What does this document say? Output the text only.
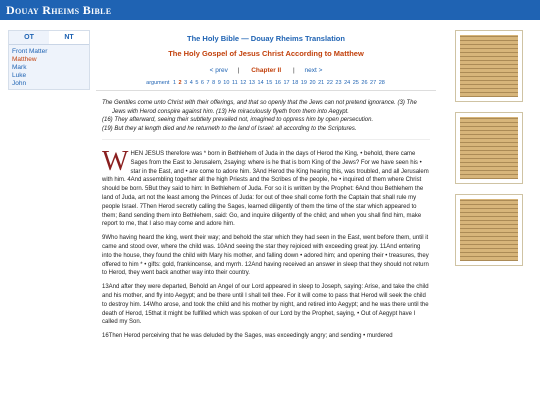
Douay Rheims Bible
OT	NT
Front Matter
Matthew
Mark
Luke
John
The Holy Bible — Douay Rheims Translation
The Holy Gospel of Jesus Christ According to Matthew
< prev | Chapter II | next >
argument 1 2 3 4 5 6 7 8 9 10 11 12 13 14 15 16 17 18 19 20 21 22 23 24 25 26 27 28
The Gentiles come unto Christ with their offerings, and that so openly that the Jews can not pretend ignorance. (3) The Jews with Herod conspire against him. (13) He miraculously flyeth from them into Aegypt.
(16) They afterward, seeing their subtlety prevailed not, imagined to oppress him by open persecution.
(19) But they at length died and he returneth to the land of Israel: all according to the Scriptures.

W HEN JESUS therefore was * born in Bethlehem of Juda in the days of Herod the King, • behold, there came Sages from the East to Jerusalem, 2saying: where is he that is born King of the Jews? For we have seen his • star in the East, and • are come to adore him. 3And Herod the King hearing this, was troubled, and all Jerusalem with him. 4And assembling together all the high Priests and the Scribes of the people, he • inquired of them where Christ should be born. 5But they said to him: In Bethlehem of Juda. For so it is written by the Prophet: 6And thou Bethlehem the land of Juda, art not the least among the Princes of Juda: for out of thee shall come forth the Captain that shall rule my people Israel. 7Then Herod secretly calling the Sages, learned diligently of them the time of the star which appeared to them; 8and sending them into Bethlehem, said: Go, and inquire diligently of the child; and when you shall find him, make report to me, that I also may come and adore him.

9Who having heard the king, went their way; and behold the star which they had seen in the East, went before them, until it came and stood over, where the child was. 10And seeing the star they rejoiced with exceeding great joy. 11And entering into the house, they found the child with Mary his mother, and falling down • adored him; and opening their • treasures, they offered to him * • gifts: gold, frankincense, and myrrh. 12And having received an answer in sleep that they should not return to Herod, they went back another way into their country.

13And after they were departed, Behold an Angel of our Lord appeared in sleep to Joseph, saying: Arise, and take the child and his mother, and fly into Aegypt; and be there until I shall tell thee. For it will come to pass that Herod will seek the child to destroy him. 14Who arose, and took the child and his mother by night, and retired into Aegypt; and he was there until the death of Herod, 15that it might be fulfilled which was spoken of our Lord by the Prophet, saying, • Out of Aegypt have I called my Son.

16Then Herod perceiving that he was deluded by the Sages, was exceedingly angry; and sending • murdered
